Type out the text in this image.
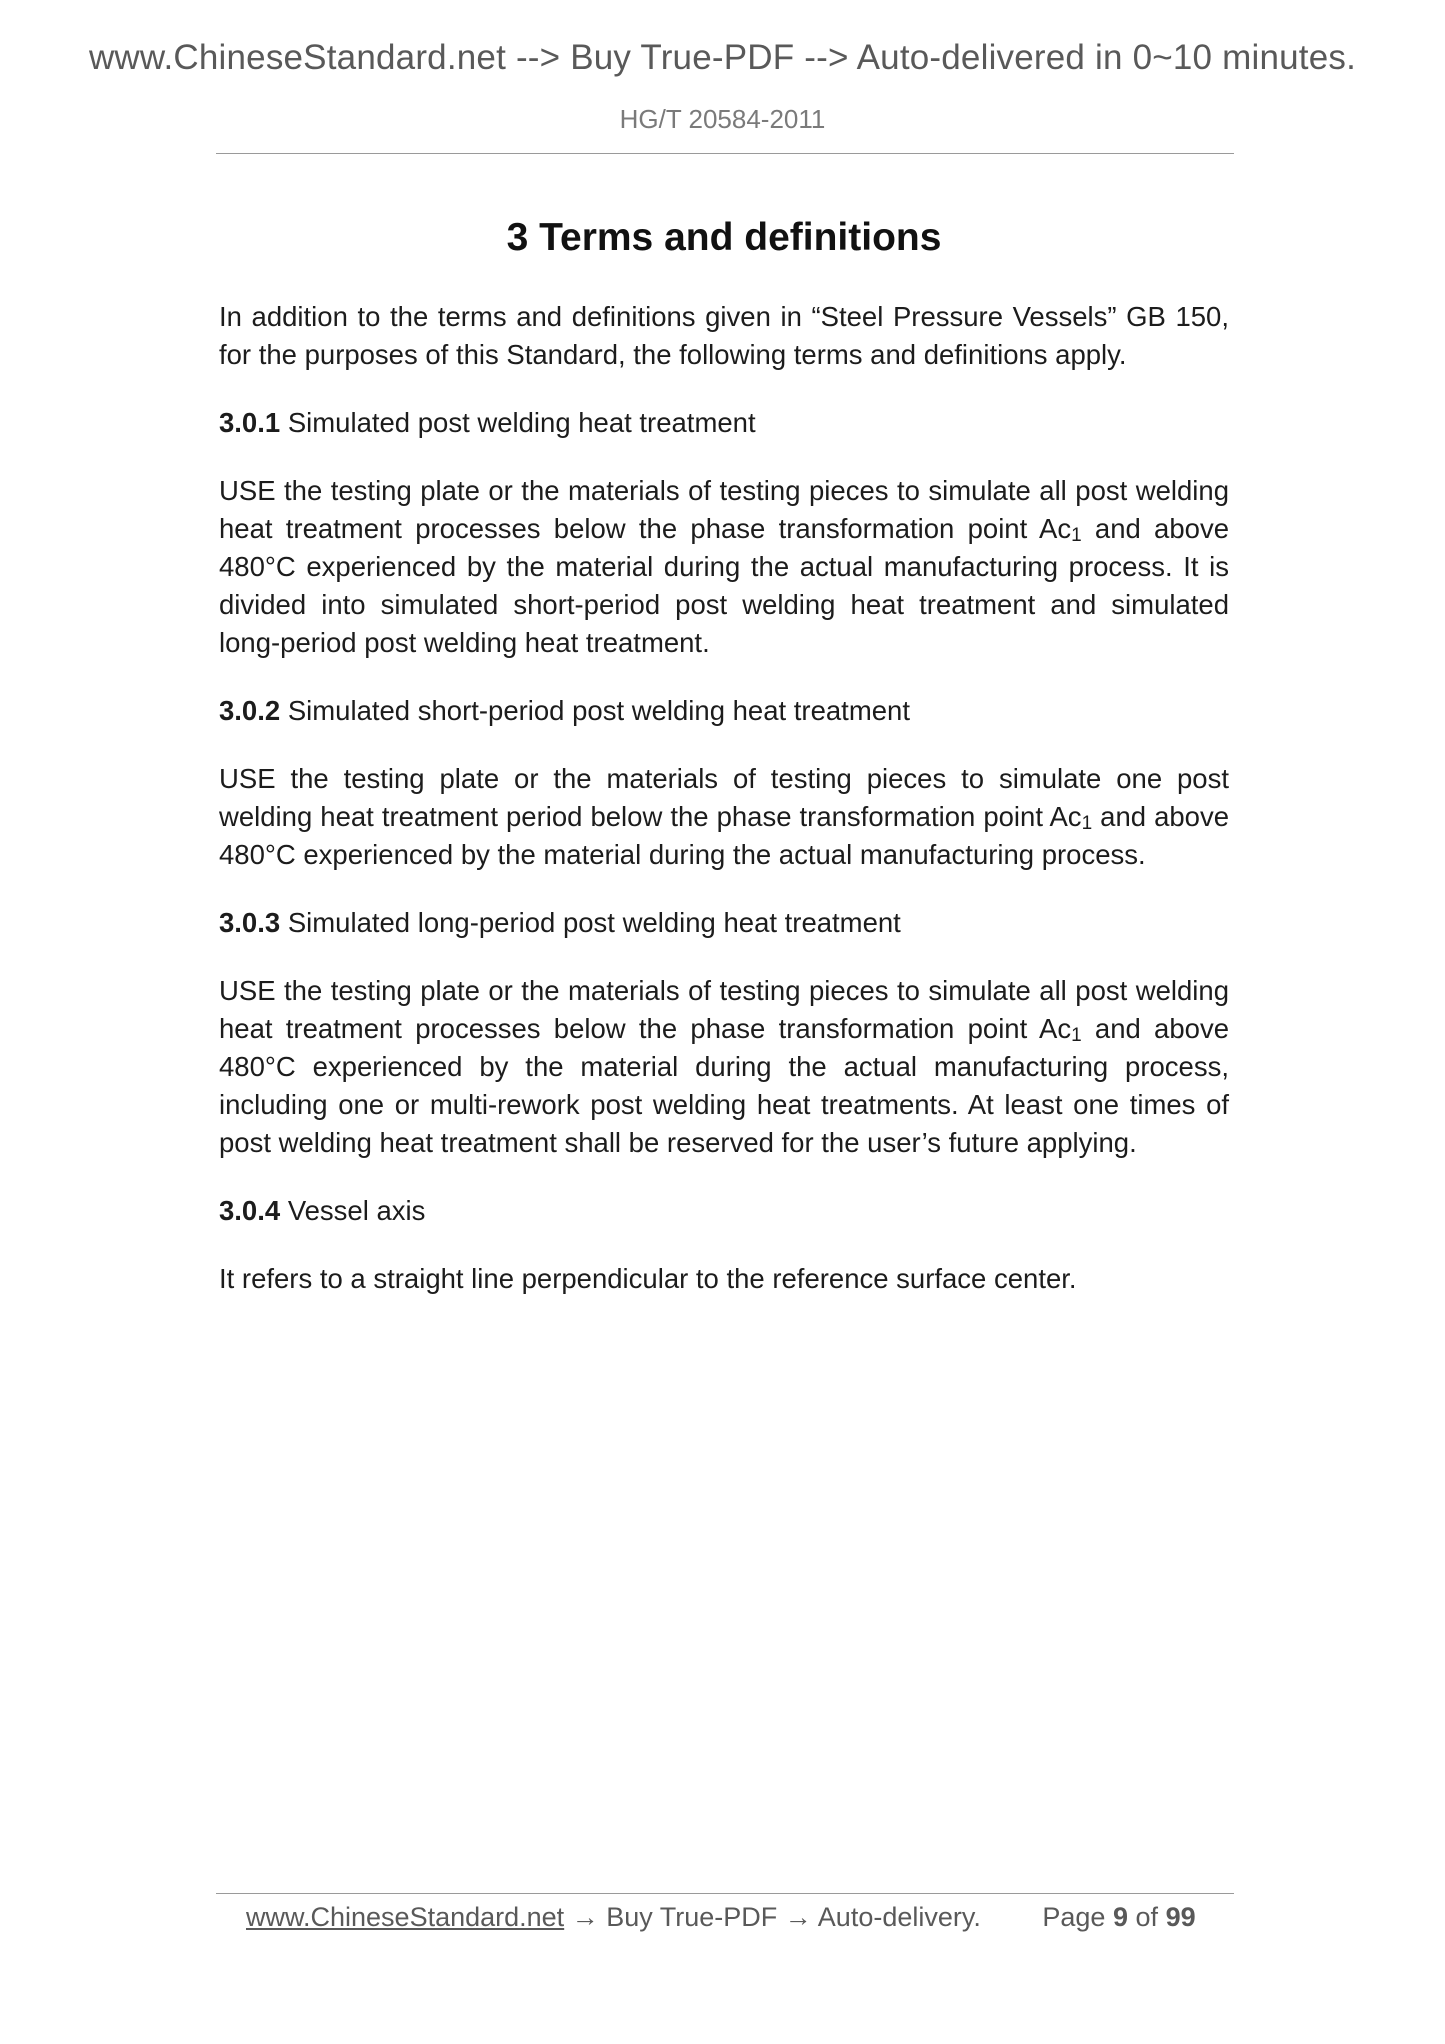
www.ChineseStandard.net --> Buy True-PDF --> Auto-delivered in 0~10 minutes.
HG/T 20584-2011
3 Terms and definitions

In addition to the terms and definitions given in “Steel Pressure Vessels” GB 150, for the purposes of this Standard, the following terms and definitions apply.

3.0.1 Simulated post welding heat treatment

USE the testing plate or the materials of testing pieces to simulate all post welding heat treatment processes below the phase transformation point $Ac_1$ and above 480°C experienced by the material during the actual manufacturing process. It is divided into simulated short-period post welding heat treatment and simulated long-period post welding heat treatment.

3.0.2 Simulated short-period post welding heat treatment

USE the testing plate or the materials of testing pieces to simulate one post welding heat treatment period below the phase transformation point $Ac_1$ and above 480°C experienced by the material during the actual manufacturing process.

3.0.3 Simulated long-period post welding heat treatment

USE the testing plate or the materials of testing pieces to simulate all post welding heat treatment processes below the phase transformation point $Ac_1$ and above 480°C experienced by the material during the actual manufacturing process, including one or multi-rework post welding heat treatments. At least one times of post welding heat treatment shall be reserved for the user’s future applying.

3.0.4 Vessel axis

It refers to a straight line perpendicular to the reference surface center.

www.ChineseStandard.net → Buy True-PDF → Auto-delivery. Page 9 of 99
